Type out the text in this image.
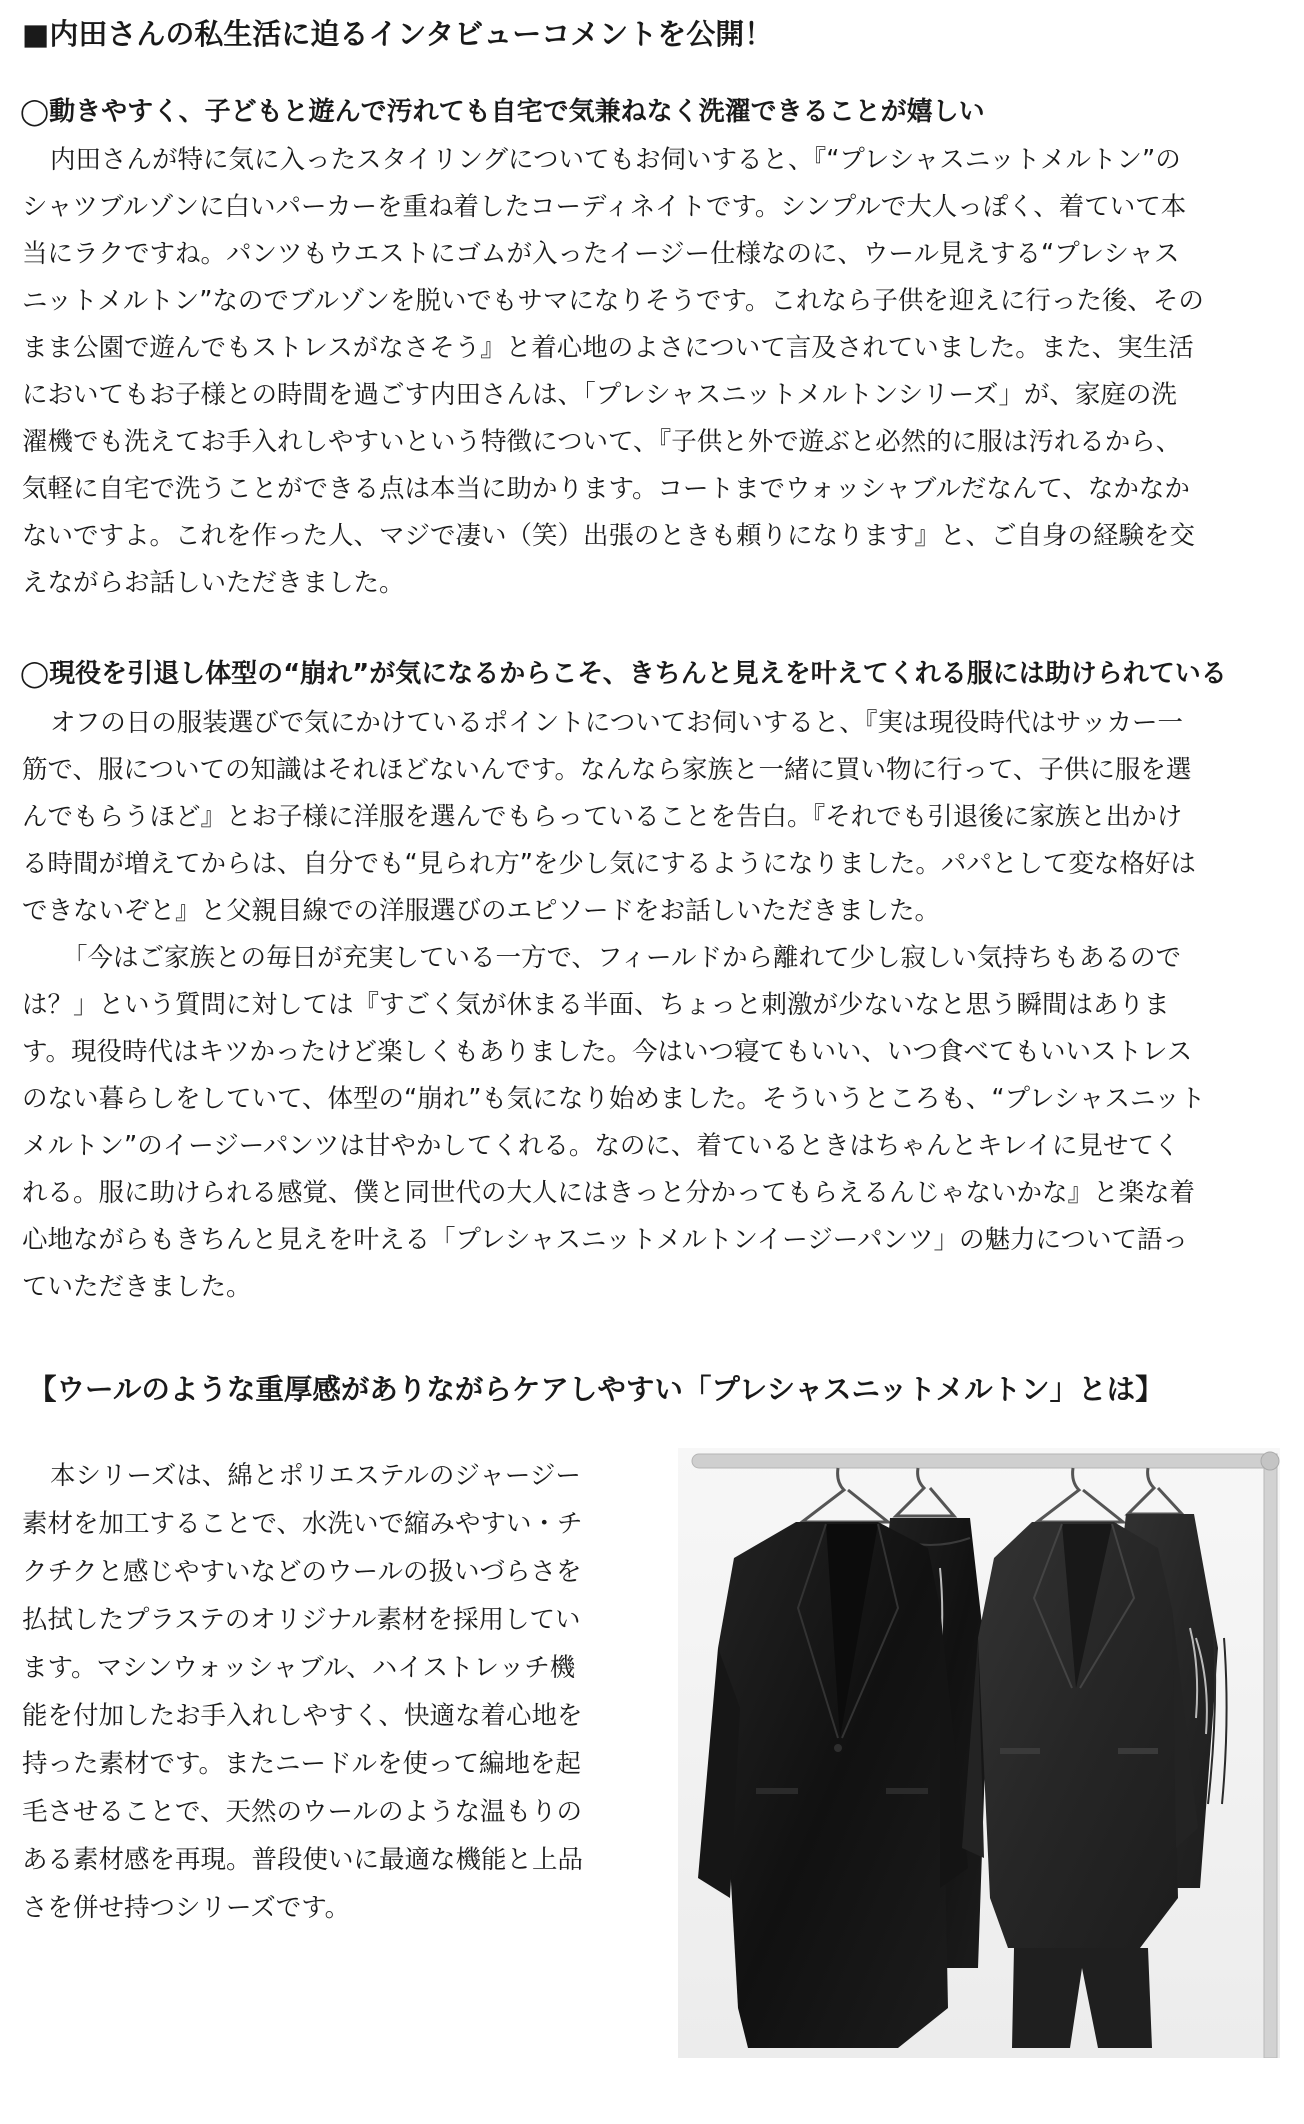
■内田さんの私生活に迫るインタビューコメントを公開！
◯動きやすく、子どもと遊んで汚れても自宅で気兼ねなく洗濯できることが嬉しい
内田さんが特に気に入ったスタイリングについてもお伺いすると、『“プレシャスニットメルトン”の
シャツブルゾンに白いパーカーを重ね着したコーディネイトです。シンプルで大人っぽく、着ていて本
当にラクですね。パンツもウエストにゴムが入ったイージー仕様なのに、ウール見えする“プレシャス
ニットメルトン”なのでブルゾンを脱いでもサマになりそうです。これなら子供を迎えに行った後、その
まま公園で遊んでもストレスがなさそう』と着心地のよさについて言及されていました。また、実生活
においてもお子様との時間を過ごす内田さんは、「プレシャスニットメルトンシリーズ」が、家庭の洗
濯機でも洗えてお手入れしやすいという特徴について、『子供と外で遊ぶと必然的に服は汚れるから、
気軽に自宅で洗うことができる点は本当に助かります。コートまでウォッシャブルだなんて、なかなか
ないですよ。これを作った人、マジで凄い（笑）出張のときも頼りになります』と、ご自身の経験を交
えながらお話しいただきました。
◯現役を引退し体型の“崩れ”が気になるからこそ、きちんと見えを叶えてくれる服には助けられている
オフの日の服装選びで気にかけているポイントについてお伺いすると、『実は現役時代はサッカー一
筋で、服についての知識はそれほどないんです。なんなら家族と一緒に買い物に行って、子供に服を選
んでもらうほど』とお子様に洋服を選んでもらっていることを告白。『それでも引退後に家族と出かけ
る時間が増えてからは、自分でも“見られ方”を少し気にするようになりました。パパとして変な格好は
できないぞと』と父親目線での洋服選びのエピソードをお話しいただきました。
「今はご家族との毎日が充実している一方で、フィールドから離れて少し寂しい気持ちもあるので
は？」という質問に対しては『すごく気が休まる半面、ちょっと刺激が少ないなと思う瞬間はありま
す。現役時代はキツかったけど楽しくもありました。今はいつ寝てもいい、いつ食べてもいいストレス
のない暮らしをしていて、体型の“崩れ”も気になり始めました。そういうところも、“プレシャスニット
メルトン”のイージーパンツは甘やかしてくれる。なのに、着ているときはちゃんとキレイに見せてく
れる。服に助けられる感覚、僕と同世代の大人にはきっと分かってもらえるんじゃないかな』と楽な着
心地ながらもきちんと見えを叶える「プレシャスニットメルトンイージーパンツ」の魅力について語っ
ていただきました。
【ウールのような重厚感がありながらケアしやすい「プレシャスニットメルトン」とは】
本シリーズは、綿とポリエステルのジャージー
素材を加工することで、水洗いで縮みやすい・チ
クチクと感じやすいなどのウールの扱いづらさを
払拭したプラステのオリジナル素材を採用してい
ます。マシンウォッシャブル、ハイストレッチ機
能を付加したお手入れしやすく、快適な着心地を
持った素材です。またニードルを使って編地を起
毛させることで、天然のウールのような温もりの
ある素材感を再現。普段使いに最適な機能と上品
さを併せ持つシリーズです。
